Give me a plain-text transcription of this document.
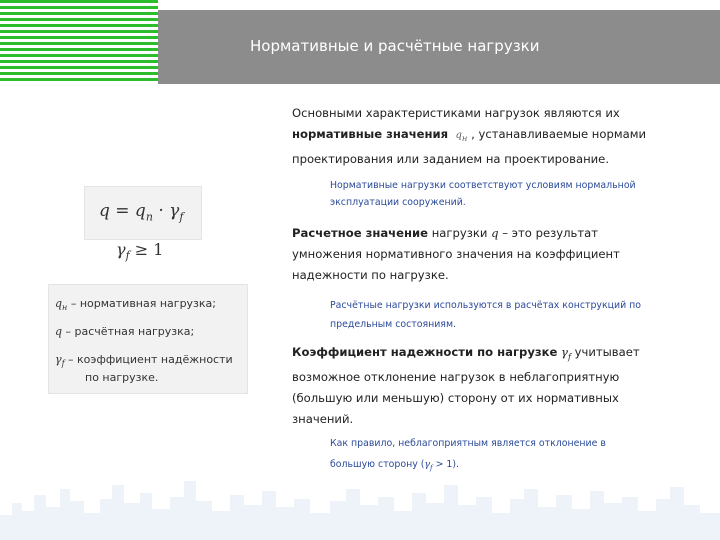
Нормативные и расчётные нагрузки
Основными характеристиками нагрузок являются их
нормативные значения $q_н$ , устанавливаемые нормами
проектирования или заданием на проектирование.
Нормативные нагрузки соответствуют условиям нормальной
эксплуатации сооружений.
Расчетное значение нагрузки q – это результат
умножения нормативного значения на коэффициент
надежности по нагрузке.
Расчётные нагрузки используются в расчётах конструкций по
предельным состояниям.
Коэффициент надежности по нагрузке $\gamma_f$ учитывает
возможное отклонение нагрузок в неблагоприятную
(большую или меньшую) сторону от их нормативных
значений.
Как правило, неблагоприятным является отклонение в
большую сторону $(\gamma_f > 1)$.
$q = q_n \cdot \gamma_f$
$\gamma_f \ge 1$
$q_н$ – нормативная нагрузка;
q – расчётная нагрузка;
$\gamma_f$ – коэффициент надёжности
по нагрузке.
